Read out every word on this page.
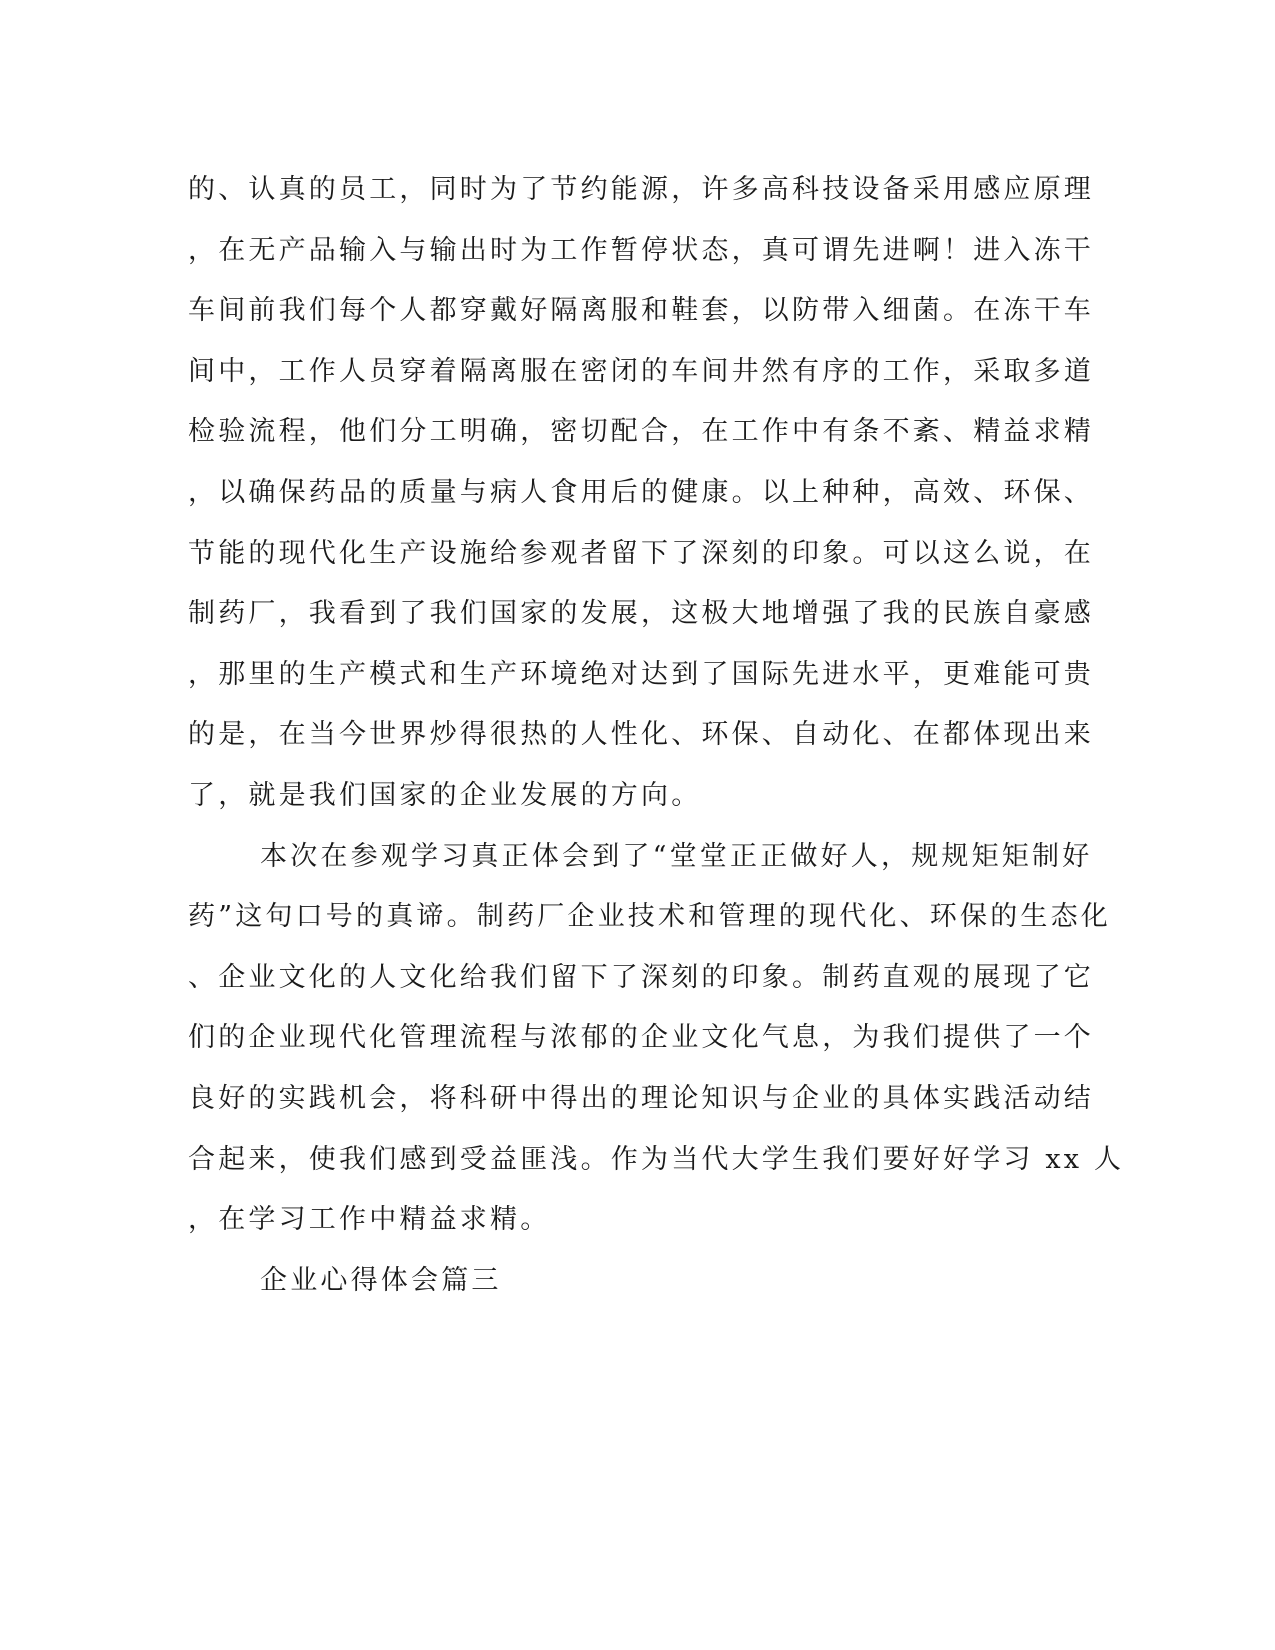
的、认真的员工，同时为了节约能源，许多高科技设备采用感应原理
，在无产品输入与输出时为工作暂停状态，真可谓先进啊！进入冻干
车间前我们每个人都穿戴好隔离服和鞋套，以防带入细菌。在冻干车
间中，工作人员穿着隔离服在密闭的车间井然有序的工作，采取多道
检验流程，他们分工明确，密切配合，在工作中有条不紊、精益求精
，以确保药品的质量与病人食用后的健康。以上种种，高效、环保、
节能的现代化生产设施给参观者留下了深刻的印象。可以这么说，在
制药厂，我看到了我们国家的发展，这极大地增强了我的民族自豪感
，那里的生产模式和生产环境绝对达到了国际先进水平，更难能可贵
的是，在当今世界炒得很热的人性化、环保、自动化、在都体现出来
了，就是我们国家的企业发展的方向。
本次在参观学习真正体会到了“堂堂正正做好人，规规矩矩制好
药”这句口号的真谛。制药厂企业技术和管理的现代化、环保的生态化
、企业文化的人文化给我们留下了深刻的印象。制药直观的展现了它
们的企业现代化管理流程与浓郁的企业文化气息，为我们提供了一个
良好的实践机会，将科研中得出的理论知识与企业的具体实践活动结
合起来，使我们感到受益匪浅。作为当代大学生我们要好好学习 xx 人
，在学习工作中精益求精。
企业心得体会篇三
